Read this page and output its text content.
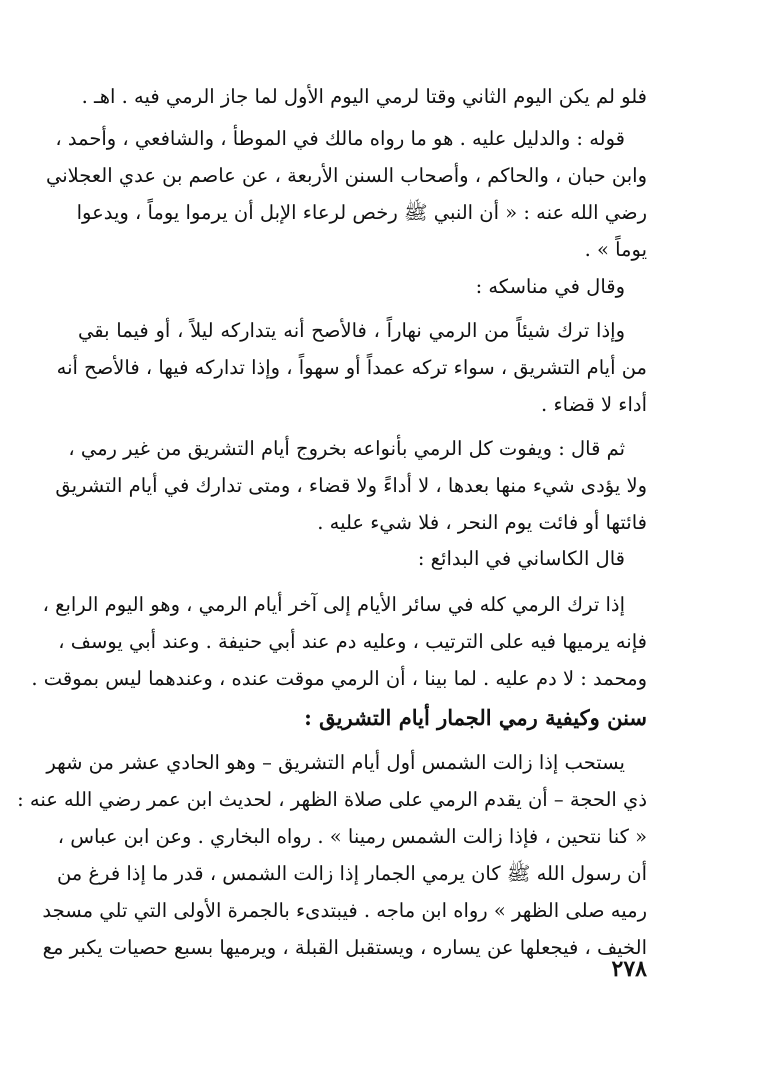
فلو لم يكن اليوم الثاني وقتا لرمي اليوم الأول لما جاز الرمي فيه . اهـ .
قوله : والدليل عليه . هو ما رواه مالك في الموطأ ، والشافعي ، وأحمد ،
وابن حبان ، والحاكم ، وأصحاب السنن الأربعة ، عن عاصم بن عدي العجلاني
رضي الله عنه : « أن النبي ﷺ رخص لرعاء الإبل أن يرموا يوماً ، ويدعوا
يوماً » .
وقال في مناسكه :
وإذا ترك شيئاً من الرمي نهاراً ، فالأصح أنه يتداركه ليلاً ، أو فيما بقي
من أيام التشريق ، سواء تركه عمداً أو سهواً ، وإذا تداركه فيها ، فالأصح أنه
أداء لا قضاء .
ثم قال : ويفوت كل الرمي بأنواعه بخروج أيام التشريق من غير رمي ،
ولا يؤدى شيء منها بعدها ، لا أداءً ولا قضاء ، ومتى تدارك في أيام التشريق
فائتها أو فائت يوم النحر ، فلا شيء عليه .
قال الكاساني في البدائع :
إذا ترك الرمي كله في سائر الأيام إلى آخر أيام الرمي ، وهو اليوم الرابع ،
فإنه يرميها فيه على الترتيب ، وعليه دم عند أبي حنيفة . وعند أبي يوسف ،
ومحمد : لا دم عليه . لما بينا ، أن الرمي موقت عنده ، وعندهما ليس بموقت .
سنن وكيفية رمي الجمار أيام التشريق :
يستحب إذا زالت الشمس أول أيام التشريق – وهو الحادي عشر من شهر
ذي الحجة – أن يقدم الرمي على صلاة الظهر ، لحديث ابن عمر رضي الله عنه :
« كنا نتحين ، فإذا زالت الشمس رمينا » . رواه البخاري . وعن ابن عباس ،
أن رسول الله ﷺ كان يرمي الجمار إذا زالت الشمس ، قدر ما إذا فرغ من
رميه صلى الظهر » رواه ابن ماجه . فيبتدىء بالجمرة الأولى التي تلي مسجد
الخيف ، فيجعلها عن يساره ، ويستقبل القبلة ، ويرميها بسبع حصيات يكبر مع
٢٧٨
